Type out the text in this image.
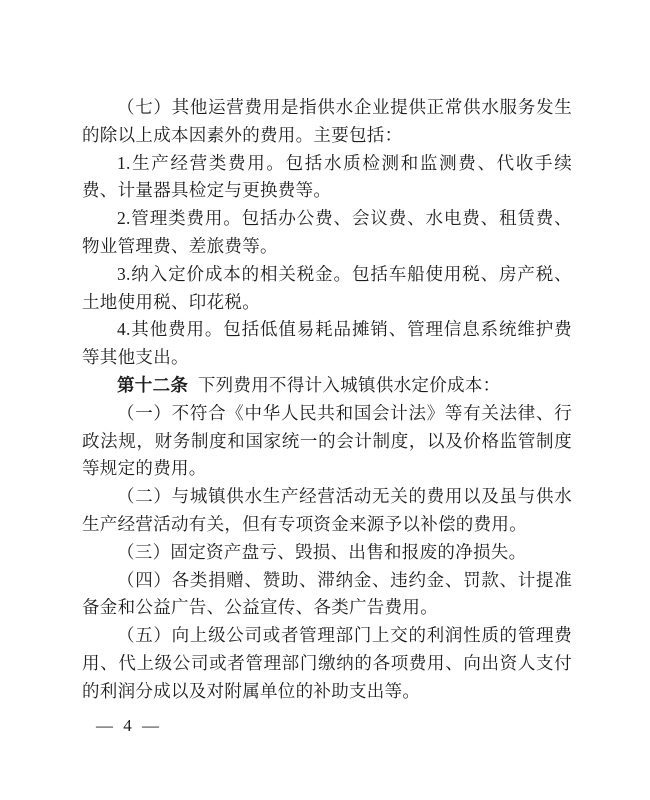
（七）其他运营费用是指供水企业提供正常供水服务发生的除以上成本因素外的费用。主要包括：

1.生产经营类费用。包括水质检测和监测费、代收手续费、计量器具检定与更换费等。

2.管理类费用。包括办公费、会议费、水电费、租赁费、物业管理费、差旅费等。

3.纳入定价成本的相关税金。包括车船使用税、房产税、土地使用税、印花税。

4.其他费用。包括低值易耗品摊销、管理信息系统维护费等其他支出。

第十二条 下列费用不得计入城镇供水定价成本：

（一）不符合《中华人民共和国会计法》等有关法律、行政法规，财务制度和国家统一的会计制度，以及价格监管制度等规定的费用。

（二）与城镇供水生产经营活动无关的费用以及虽与供水生产经营活动有关，但有专项资金来源予以补偿的费用。

（三）固定资产盘亏、毁损、出售和报废的净损失。

（四）各类捐赠、赞助、滞纳金、违约金、罚款、计提准备金和公益广告、公益宣传、各类广告费用。

（五）向上级公司或者管理部门上交的利润性质的管理费用、代上级公司或者管理部门缴纳的各项费用、向出资人支付的利润分成以及对附属单位的补助支出等。

— 4 —
